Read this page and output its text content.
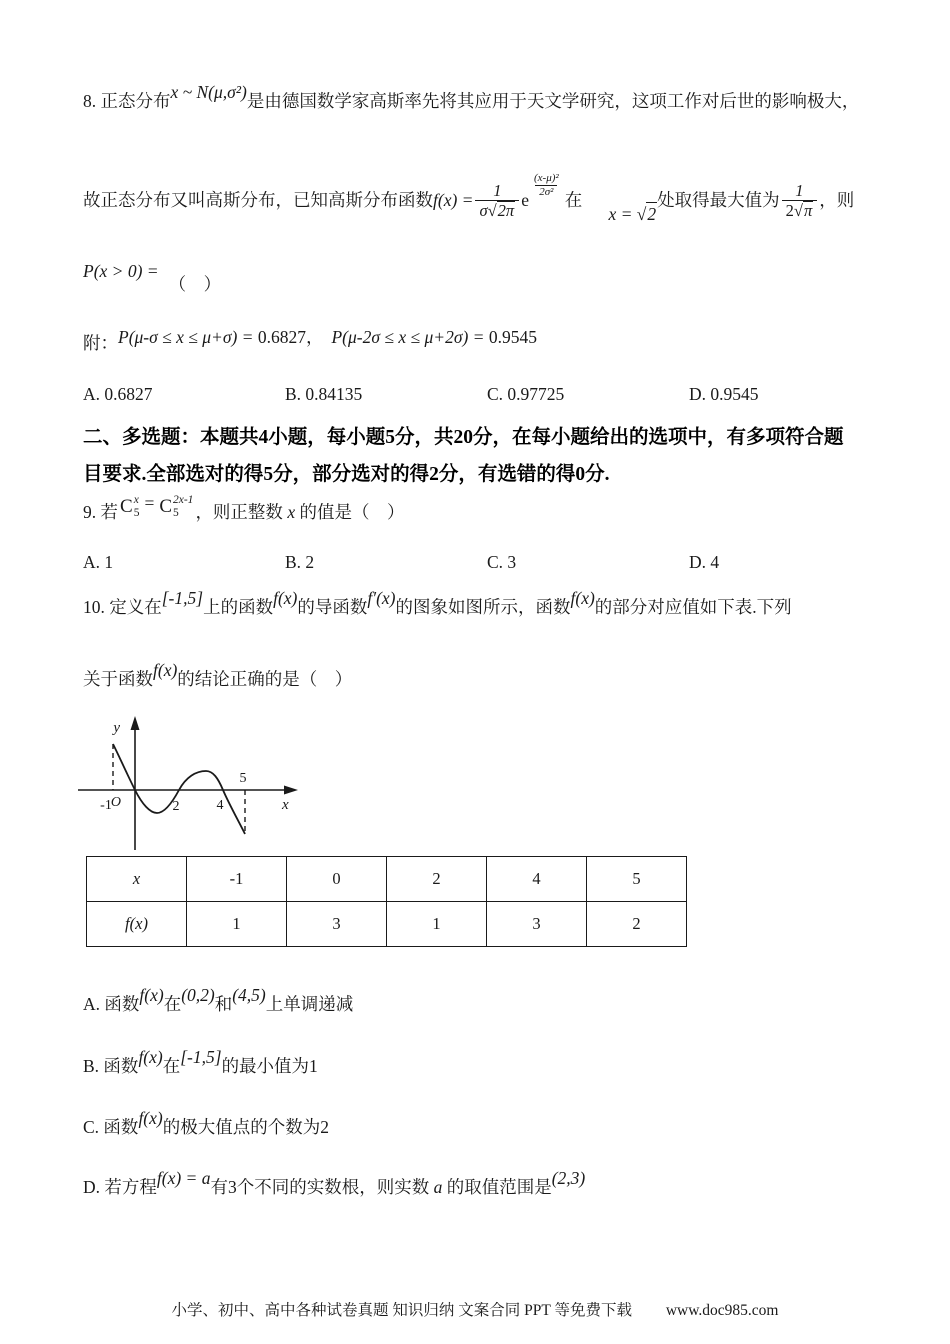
8. 正态分布 x ~ N(μ,σ²) 是由德国数学家高斯率先将其应用于天文学研究，这项工作对后世的影响极大，
故正态分布又叫高斯分布，已知高斯分布函数 $f(x) = \frac{1}{\sigma √ 2\pi}$ e
$\frac{\text{(x-μ)²}}{\text{2σ²}}$
在

x = √ 2

处取得最大值为 $\frac{1}{2 √ \pi}$ ，则
P(x > 0) =
（　）
附： P(μ-σ ≤ x ≤ μ+σ) = 0.6827， P(μ-2σ ≤ x ≤ μ+2σ) = 0.9545
A. 0.6827	B. 0.84135	C. 0.97725	D. 0.9545
二、多选题：本题共4小题，每小题5分，共20分，在每小题给出的选项中，有多项符合题
目要求.全部选对的得5分，部分选对的得2分，有选错的得0分.
9. 若 C x
5 = C 2x-1
5 ，则正整数 x 的值是（　）
A. 1	B. 2	C. 3	D. 4
10. 定义在 [-1,5] 上的函数 f(x) 的导函数 f′(x) 的图象如图所示，函数 f(x) 的部分对应值如下表.下列
关于函数 f(x) 的结论正确的是（　）
y
x
O
-1	2	4
5
x	-1	0	2	4	5
f(x)	1	3	1	3	2
A. 函数 f(x) 在 (0,2) 和 (4,5) 上单调递减
B. 函数 f(x) 在 [-1,5] 的最小值为1
C. 函数 f(x) 的极大值点的个数为2
D. 若方程 f(x) = a 有3个不同的实数根，则实数 a 的取值范围是 (2,3)
小学、初中、高中各种试卷真题 知识归纳 文案合同 PPT 等免费下载 www.doc985.com
